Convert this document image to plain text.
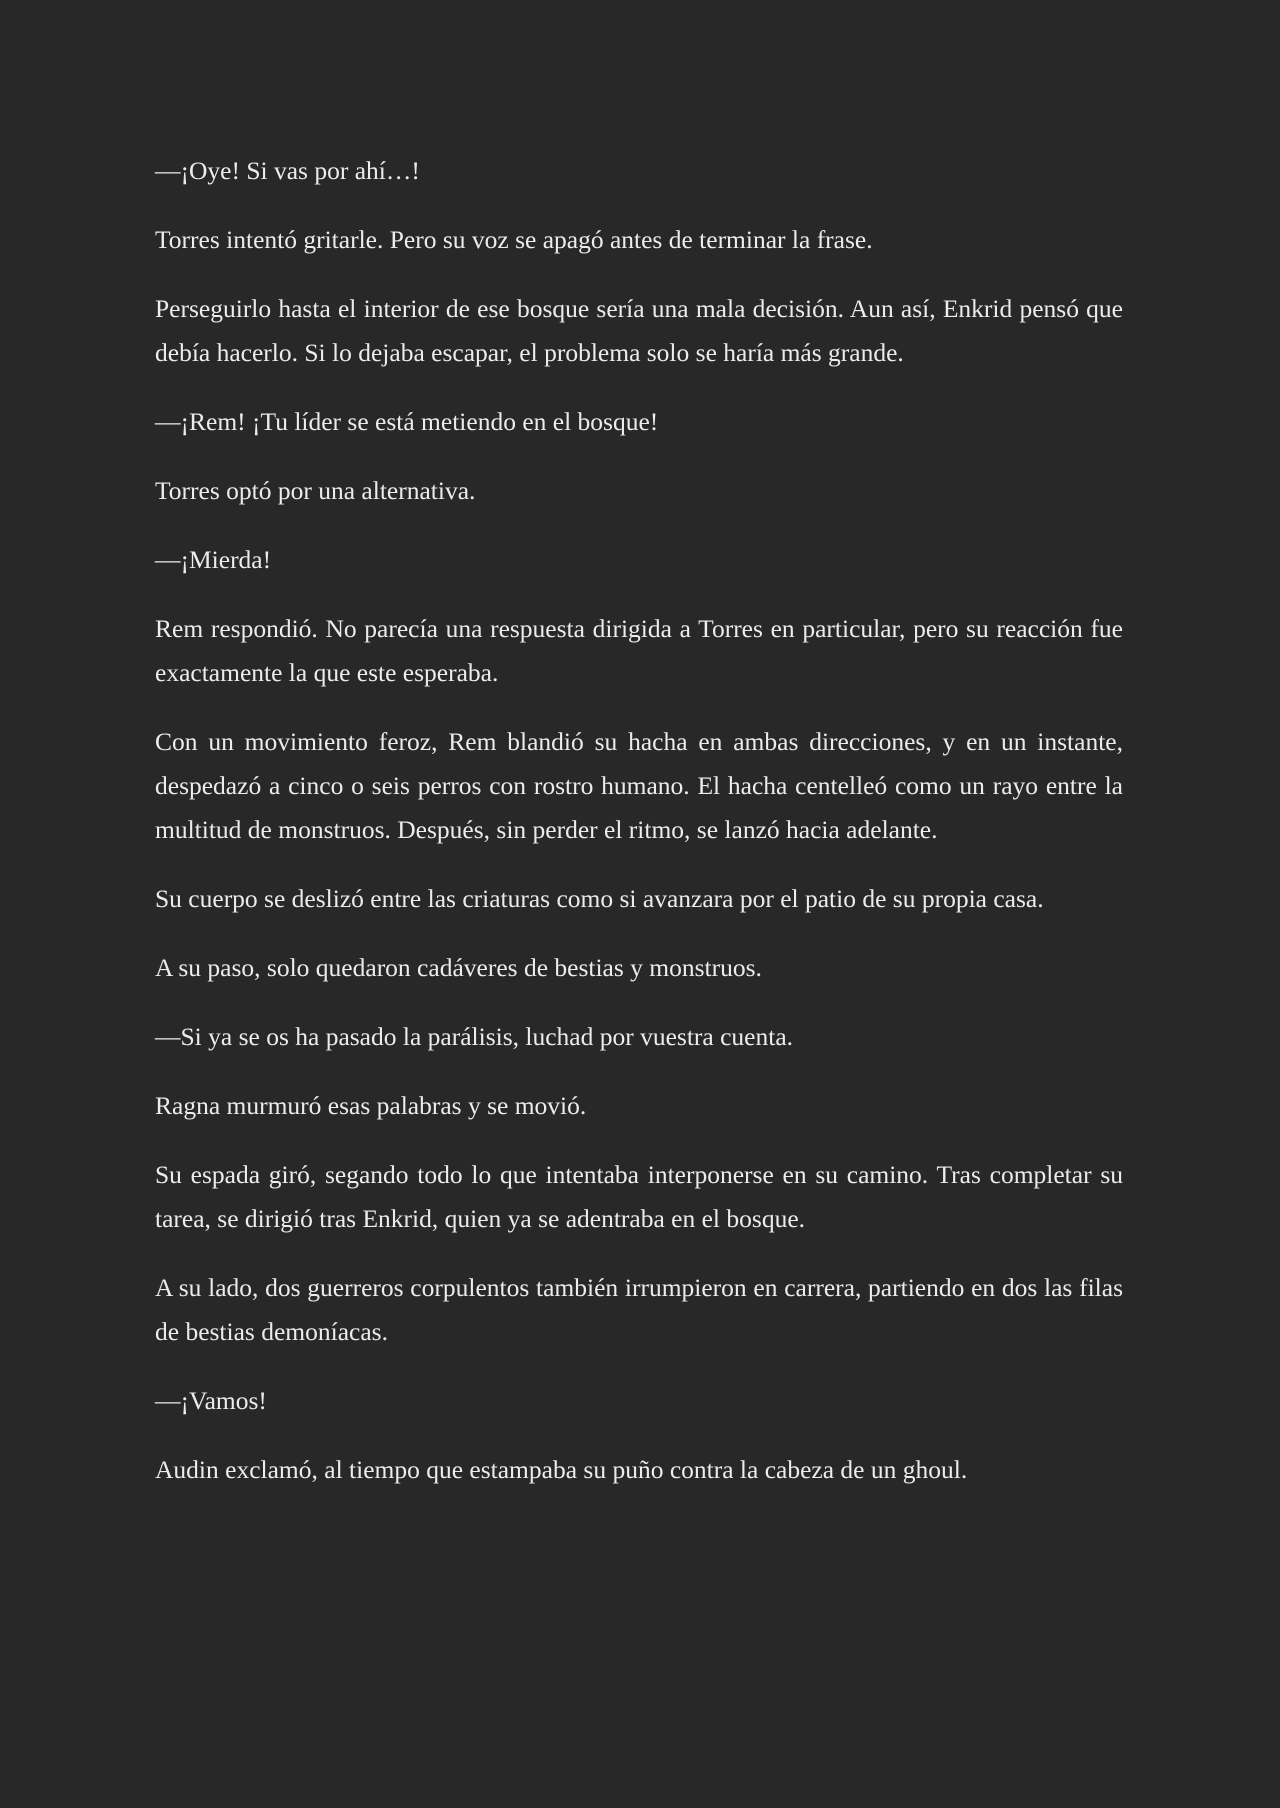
—¡Oye! Si vas por ahí…!

Torres intentó gritarle. Pero su voz se apagó antes de terminar la frase.

Perseguirlo hasta el interior de ese bosque sería una mala decisión. Aun así, Enkrid pensó que debía hacerlo. Si lo dejaba escapar, el problema solo se haría más grande.

—¡Rem! ¡Tu líder se está metiendo en el bosque!

Torres optó por una alternativa.

—¡Mierda!

Rem respondió. No parecía una respuesta dirigida a Torres en particular, pero su reacción fue exactamente la que este esperaba.

Con un movimiento feroz, Rem blandió su hacha en ambas direcciones, y en un instante, despedazó a cinco o seis perros con rostro humano. El hacha centelleó como un rayo entre la multitud de monstruos. Después, sin perder el ritmo, se lanzó hacia adelante.

Su cuerpo se deslizó entre las criaturas como si avanzara por el patio de su propia casa.

A su paso, solo quedaron cadáveres de bestias y monstruos.

—Si ya se os ha pasado la parálisis, luchad por vuestra cuenta.

Ragna murmuró esas palabras y se movió.

Su espada giró, segando todo lo que intentaba interponerse en su camino. Tras completar su tarea, se dirigió tras Enkrid, quien ya se adentraba en el bosque.

A su lado, dos guerreros corpulentos también irrumpieron en carrera, partiendo en dos las filas de bestias demoníacas.

—¡Vamos!

Audin exclamó, al tiempo que estampaba su puño contra la cabeza de un ghoul.
